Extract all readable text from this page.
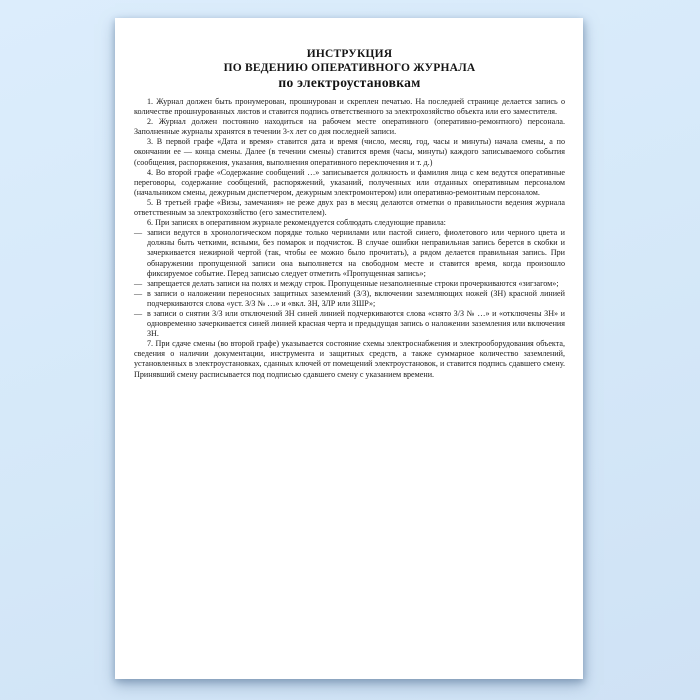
ИНСТРУКЦИЯ
ПО ВЕДЕНИЮ ОПЕРАТИВНОГО ЖУРНАЛА
по электроустановкам

1. Журнал должен быть пронумерован, прошнурован и скреплен печатью. На последней странице делается запись о количестве прошнурованных листов и ставится подпись ответственного за электрохозяйство объекта или его заместителя.

2. Журнал должен постоянно находиться на рабочем месте оперативного (оперативно-ремонтного) персонала. Заполненные журналы хранятся в течении 3-х лет со дня последней записи.

3. В первой графе «Дата и время» ставится дата и время (число, месяц, год, часы и минуты) начала смены, а по окончании ее — конца смены. Далее (в течении смены) ставится время (часы, минуты) каждого записываемого события (сообщения, распоряжения, указания, выполнения оперативного переключения и т. д.)

4. Во второй графе «Содержание сообщений …» записывается должность и фамилия лица с кем ведутся оперативные переговоры, содержание сообщений, распоряжений, указаний, полученных или отданных оперативным персоналом (начальником смены, дежурным диспетчером, дежурным электромонтером) или оперативно-ремонтным персоналом.

5. В третьей графе «Визы, замечания» не реже двух раз в месяц делаются отметки о правильности ведения журнала ответственным за электрохозяйство (его заместителем).

6. При записях в оперативном журнале рекомендуется соблюдать следующие правила:

— записи ведутся в хронологическом порядке только чернилами или пастой синего, фиолетового или черного цвета и должны быть четкими, ясными, без помарок и подчисток. В случае ошибки неправильная запись берется в скобки и зачеркивается нежирной чертой (так, чтобы ее можно было прочитать), а рядом делается правильная запись. При обнаружении пропущенной записи она выполняется на свободном месте и ставится время, когда произошло фиксируемое событие. Перед записью следует отметить «Пропущенная запись»;
— запрещается делать записи на полях и между строк. Пропущенные незаполненные строки прочеркиваются «зигзагом»;
— в записи о наложении переносных защитных заземлений (З/З), включении заземляющих ножей (ЗН) красной линией подчеркиваются слова «уст. З/З № …» и «вкл. ЗН, ЗЛР или ЗШР»;
— в записи о снятии З/З или отключений ЗН синей линией подчеркиваются слова «снято З/З № …» и «отключены ЗН» и одновременно зачеркивается синей линией красная черта и предыдущая запись о наложении заземления или включения ЗН.

7. При сдаче смены (во второй графе) указывается состояние схемы электроснабжения и электрооборудования объекта, сведения о наличии документации, инструмента и защитных средств, а также суммарное количество заземлений, установленных в электроустановках, сданных ключей от помещений электроустановок, и ставится подпись сдавшего смену. Принявший смену расписывается под подписью сдавшего смену с указанием времени.
